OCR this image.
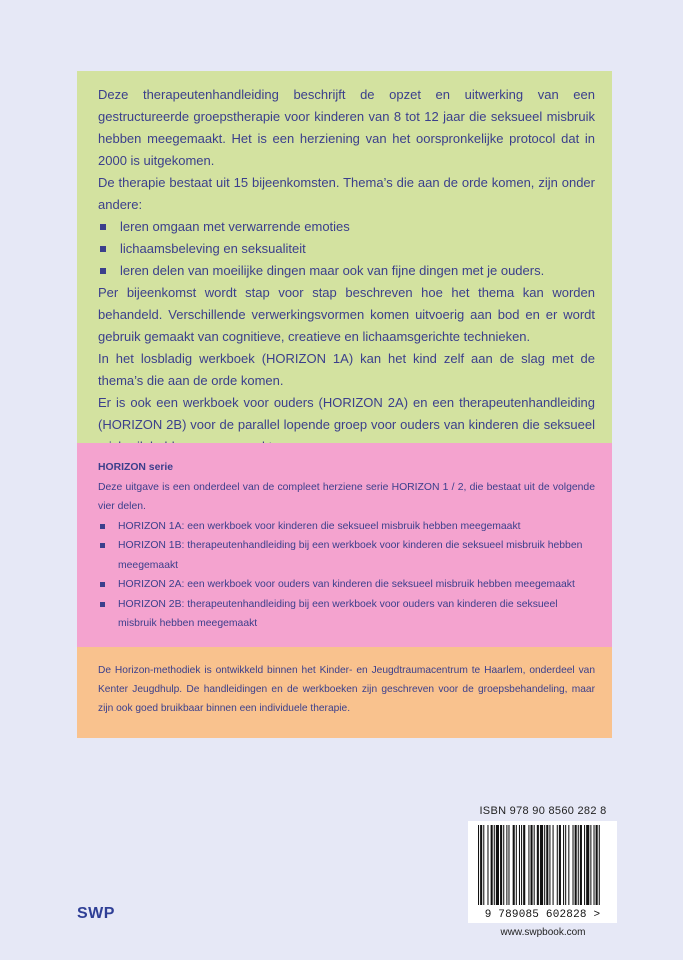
Deze therapeutenhandleiding beschrijft de opzet en uitwerking van een gestructureerde groepstherapie voor kinderen van 8 tot 12 jaar die seksueel misbruik hebben meegemaakt. Het is een herziening van het oorspronkelijke protocol dat in 2000 is uitgekomen.

De therapie bestaat uit 15 bijeenkomsten. Thema’s die aan de orde komen, zijn onder andere:

leren omgaan met verwarrende emoties
lichaamsbeleving en seksualiteit
leren delen van moeilijke dingen maar ook van fijne dingen met je ouders.

Per bijeenkomst wordt stap voor stap beschreven hoe het thema kan worden behandeld. Verschillende verwerkingsvormen komen uitvoerig aan bod en er wordt gebruik gemaakt van cognitieve, creatieve en lichaamsgerichte technieken.

In het losbladig werkboek (HORIZON 1A) kan het kind zelf aan de slag met de thema’s die aan de orde komen.

Er is ook een werkboek voor ouders (HORIZON 2A) en een therapeutenhandleiding (HORIZON 2B) voor de parallel lopende groep voor ouders van kinderen die seksueel

HORIZON serie

Deze uitgave is een onderdeel van de compleet herziene serie HORIZON 1 / 2, die bestaat uit de volgende vier delen.

HORIZON 1A: een werkboek voor kinderen die seksueel misbruik hebben meegemaakt
HORIZON 1B: therapeutenhandleiding bij een werkboek voor kinderen die seksueel misbruik hebben meegemaakt
HORIZON 2A: een werkboek voor ouders van kinderen die seksueel misbruik hebben meegemaakt
HORIZON 2B: therapeutenhandleiding bij een werkboek voor ouders van kinderen die seksueel misbruik hebben meegemaakt

De Horizon-methodiek is ontwikkeld binnen het Kinder- en Jeugdtraumacentrum te Haarlem, onderdeel van Kenter Jeugdhulp. De handleidingen en de werkboeken zijn geschreven voor de groepsbehandeling, maar zijn ook goed bruikbaar binnen een individuele therapie.

ISBN 978 90 8560 282 8
9 789085 602828 >
www.swpbook.com
SWP
